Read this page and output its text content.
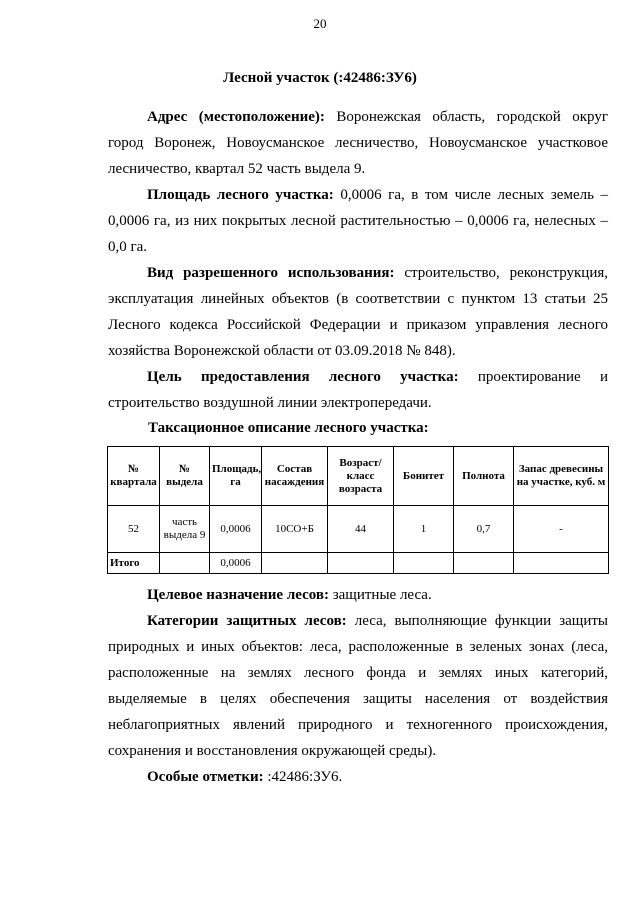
20
Лесной участок (:42486:ЗУ6)

Адрес (местоположение): Воронежская область, городской округ город Воронеж, Новоусманское лесничество, Новоусманское участковое лесничество, квартал 52 часть выдела 9.

Площадь лесного участка: 0,0006 га, в том числе лесных земель – 0,0006 га, из них покрытых лесной растительностью – 0,0006 га, нелесных – 0,0 га.

Вид разрешенного использования: строительство, реконструкция, эксплуатация линейных объектов (в соответствии с пунктом 13 статьи 25 Лесного кодекса Российской Федерации и приказом управления лесного хозяйства Воронежской области от 03.09.2018 № 848).

Цель предоставления лесного участка: проектирование и строительство воздушной линии электропередачи.

Таксационное описание лесного участка:
№ квартала	№ выдела	Площадь, га	Состав насаждения	Возраст/ класс возраста	Бонитет	Полнота	Запас древесины на участке, куб. м
52	часть выдела 9	0,0006	10СО+Б	44	1	0,7	-
Итого		0,0006					

Целевое назначение лесов: защитные леса.

Категории защитных лесов: леса, выполняющие функции защиты природных и иных объектов: леса, расположенные в зеленых зонах (леса, расположенные на землях лесного фонда и землях иных категорий, выделяемые в целях обеспечения защиты населения от воздействия неблагоприятных явлений природного и техногенного происхождения, сохранения и восстановления окружающей среды).

Особые отметки: :42486:ЗУ6.
